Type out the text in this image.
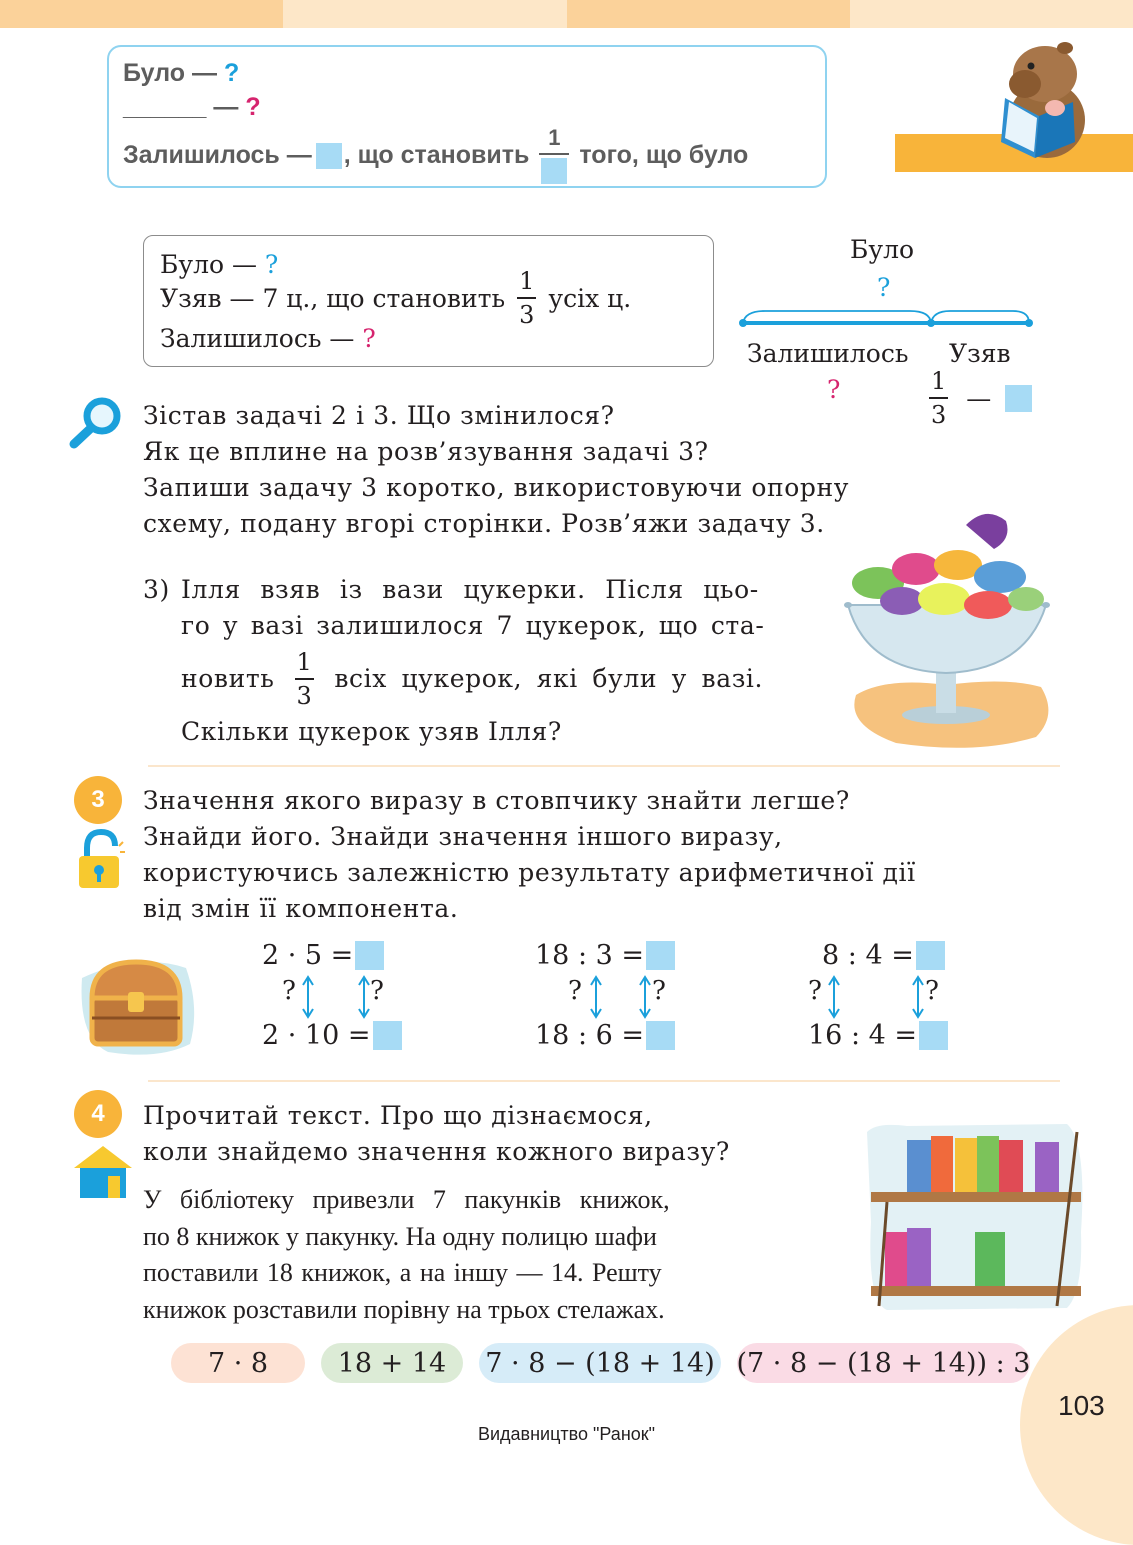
Було — ?
______ — ?
Залишилось — , що становить
1
того, що було
Було — ?
Узяв — 7 ц., що становить $\frac{1}{3}$ усіх ц.
Залишилось — ?
Було
?
Залишилось Узяв
?	$\frac{1}{3}$ —
Зістав задачі 2 і 3. Що змінилося?
Як це вплине на розв’язування задачі 3?
Запиши задачу 3 коротко, використовуючи опорну
схему, подану вгорі сторінки. Розв’яжи задачу 3.
3) Ілля взяв із вази цукерки. Після цьо-
го у вазі залишилося 7 цукерок, що ста-
новить $\frac{1}{3}$ всіх цукерок, які були у вазі.
Скільки цукерок узяв Ілля?
3	Значення якого виразу в стовпчику знайти легше?
Знайди його. Знайди значення іншого виразу,
користуючись залежністю результату арифметичної дії
від змін її компонента.
2 · 5 =
?	?
2 · 10 =
18 : 3 =
?	?
18 : 6 =
8 : 4 =
?	?
16 : 4 =
4	Прочитай текст. Про що дізнаємося,
коли знайдемо значення кожного виразу?
У бібліотеку привезли 7 пакунків книжок,
по 8 книжок у пакунку. На одну полицю шафи
поставили 18 книжок, а на іншу — 14. Решту
книжок розставили порівну на трьох стелажах.
7 · 8	18 + 14 7 · 8 − (18 + 14) (7 · 8 − (18 + 14)) : 3
103
Видавництво "Ранок"
